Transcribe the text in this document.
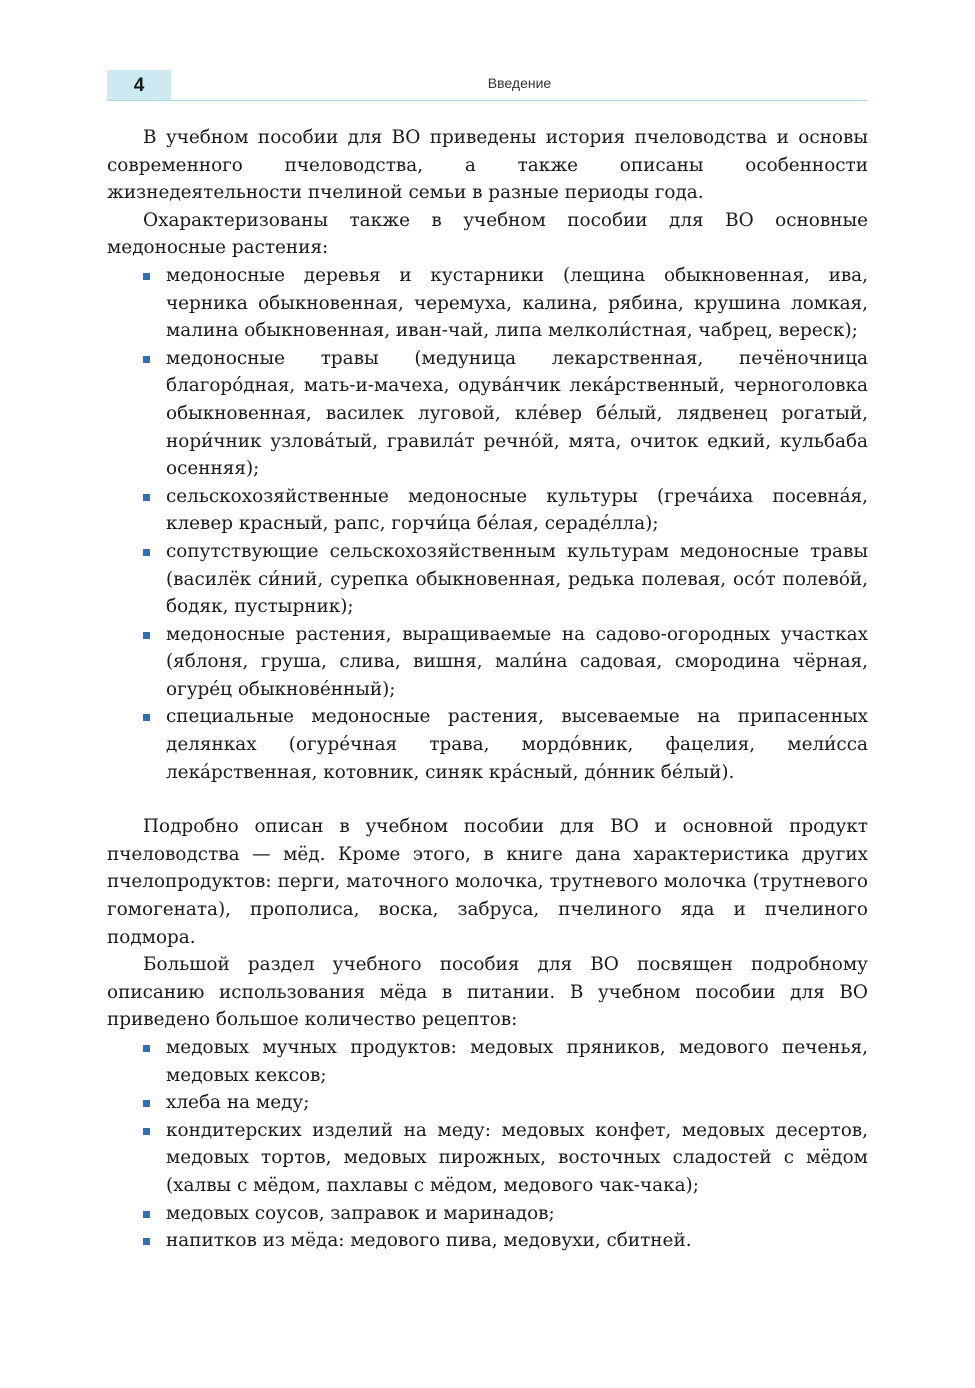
4	Введение

В учебном пособии для ВО приведены история пчеловодства и основы современного пчеловодства, а также описаны особенности жизнедеятельности пчелиной семьи в разные периоды года.

Охарактеризованы также в учебном пособии для ВО основные медоносные растения:

медоносные деревья и кустарники (лещина обыкновенная, ива, черника обыкновенная, черемуха, калина, рябина, крушина ломкая, малина обыкновенная, иван-чай, липа мелколи́стная, чабрец, вереск);
медоносные травы (медуница лекарственная, печёночница благоро́дная, мать-и-мачеха, одува́нчик лека́рственный, черноголовка обыкновенная, василек луговой, кле́вер бе́лый, лядвенец рогатый, нори́чник узлова́тый, гравила́т речно́й, мята, очиток едкий, кульбаба осенняя);
сельскохозяйственные медоносные культуры (греча́иха посевна́я, клевер красный, рапс, горчи́ца бе́лая, сераде́лла);
сопутствующие сельскохозяйственным культурам медоносные травы (василёк си́ний, сурепка обыкновенная, редька полевая, осо́т полево́й, бодяк, пустырник);
медоносные растения, выращиваемые на садово-огородных участках (яблоня, груша, слива, вишня, мали́на садовая, смородина чёрная, огуре́ц обыкнове́нный);
специальные медоносные растения, высеваемые на припасенных делянках (огуре́чная трава, мордо́вник, фацелия, мели́сса лека́рственная, котовник, синяк кра́сный, до́нник бе́лый).

Подробно описан в учебном пособии для ВО и основной продукт пчеловодства — мёд. Кроме этого, в книге дана характеристика других пчелопродуктов: перги, маточного молочка, трутневого молочка (трутневого гомогената), прополиса, воска, забруса, пчелиного яда и пчелиного подмора.

Большой раздел учебного пособия для ВО посвящен подробному описанию использования мёда в питании. В учебном пособии для ВО приведено большое количество рецептов:

медовых мучных продуктов: медовых пряников, медового печенья, медовых кексов;
хлеба на меду;
кондитерских изделий на меду: медовых конфет, медовых десертов, медовых тортов, медовых пирожных, восточных сладостей с мёдом (халвы с мёдом, пахлавы с мёдом, медового чак-чака);
медовых соусов, заправок и маринадов;
напитков из мёда: медового пива, медовухи, сбитней.
